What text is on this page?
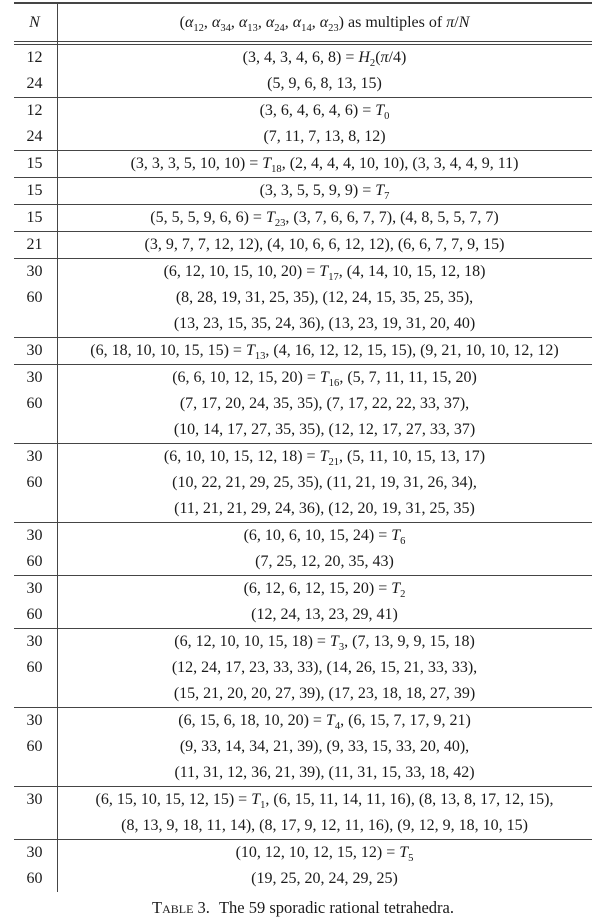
N	($\alpha_{12}$, $\alpha_{34}$, $\alpha_{13}$, $\alpha_{24}$, $\alpha_{14}$, $\alpha_{23}$) as multiples of π/N
12	(3, 4, 3, 4, 6, $8) = H_2(\pi/4)$
24	(5, 9, 6, 8, 13, 15)
12	(3, 6, 4, 6, 4, $6) = T_0$
24	(7, 11, 7, 13, 8, 12)
15	(3, 3, 3, 5, 10, $10) = T_{18}$, (2, 4, 4, 4, 10, 10), (3, 3, 4, 4, 9, 11)
15	(3, 3, 5, 5, 9, $9) = T_7$
15	(5, 5, 5, 9, 6, $6) = T_{23}$, (3, 7, 6, 6, 7, 7), (4, 8, 5, 5, 7, 7)
21	(3, 9, 7, 7, 12, 12), (4, 10, 6, 6, 12, 12), (6, 6, 7, 7, 9, 15)
30	(6, 12, 10, 15, 10, $20) = T_{17}$, (4, 14, 10, 15, 12, 18)
60	(8, 28, 19, 31, 25, 35), (12, 24, 15, 35, 25, 35),
(13, 23, 15, 35, 24, 36), (13, 23, 19, 31, 20, 40)
30	(6, 18, 10, 10, 15, $15) = T_{13}$, (4, 16, 12, 12, 15, 15), (9, 21, 10, 10, 12, 12)
30	(6, 6, 10, 12, 15, $20) = T_{16}$, (5, 7, 11, 11, 15, 20)
60	(7, 17, 20, 24, 35, 35), (7, 17, 22, 22, 33, 37),
(10, 14, 17, 27, 35, 35), (12, 12, 17, 27, 33, 37)
30	(6, 10, 10, 15, 12, $18) = T_{21}$, (5, 11, 10, 15, 13, 17)
60	(10, 22, 21, 29, 25, 35), (11, 21, 19, 31, 26, 34),
(11, 21, 21, 29, 24, 36), (12, 20, 19, 31, 25, 35)
30	(6, 10, 6, 10, 15, $24) = T_6$
60	(7, 25, 12, 20, 35, 43)
30	(6, 12, 6, 12, 15, $20) = T_2$
60	(12, 24, 13, 23, 29, 41)
30	(6, 12, 10, 10, 15, $18) = T_3$, (7, 13, 9, 9, 15, 18)
60	(12, 24, 17, 23, 33, 33), (14, 26, 15, 21, 33, 33),
(15, 21, 20, 20, 27, 39), (17, 23, 18, 18, 27, 39)
30	(6, 15, 6, 18, 10, $20) = T_4$, (6, 15, 7, 17, 9, 21)
60	(9, 33, 14, 34, 21, 39), (9, 33, 15, 33, 20, 40),
(11, 31, 12, 36, 21, 39), (11, 31, 15, 33, 18, 42)
30	(6, 15, 10, 15, 12, $15) = T_1$, (6, 15, 11, 14, 11, 16), (8, 13, 8, 17, 12, 15),
(8, 13, 9, 18, 11, 14), (8, 17, 9, 12, 11, 16), (9, 12, 9, 18, 10, 15)
30	(10, 12, 10, 12, 15, $12) = T_5$
60	(19, 25, 20, 24, 29, 25)
Table 3. The 59 sporadic rational tetrahedra.
